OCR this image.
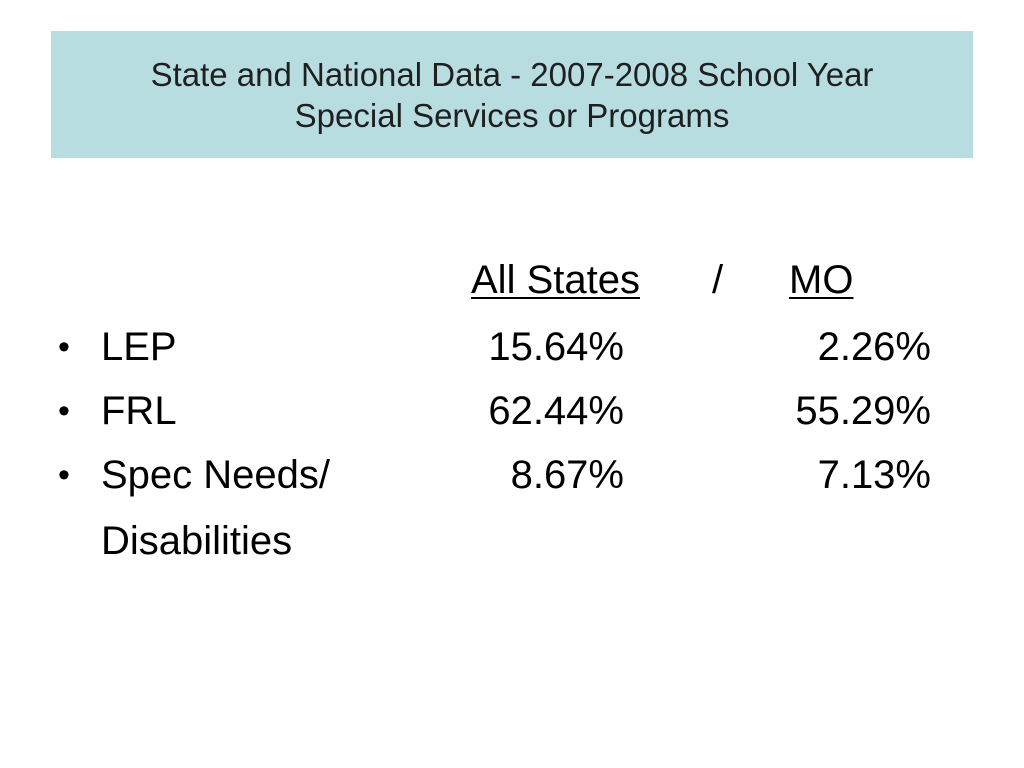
State and National Data - 2007-2008 School Year
Special Services or Programs
All States / MO
• LEP	15.64%	2.26%
• FRL	62.44%	55.29%
• Spec Needs/	8.67%	7.13%
Disabilities
